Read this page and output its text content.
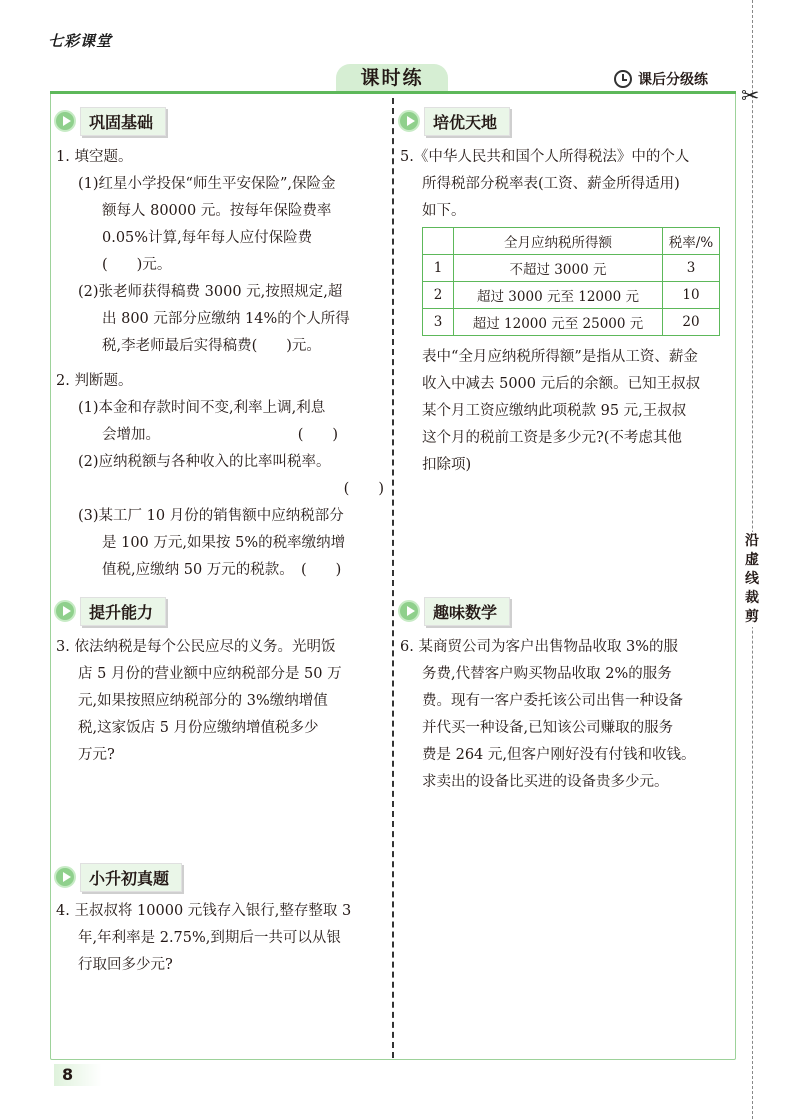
七彩课堂
课时练	课后分级练
✂
沿虚线裁剪
巩固基础

1. 填空题。

(1)红星小学投保“师生平安保险”,保险金

额每人 80000 元。按每年保险费率

0.05%计算,每年每人应付保险费

(　　)元。

(2)张老师获得稿费 3000 元,按照规定,超

出 800 元部分应缴纳 14%的个人所得

税,李老师最后实得稿费(　　)元。

2. 判断题。

(1)本金和存款时间不变,利率上调,利息

会增加。　　　　　　　　　　(　　)

(2)应纳税额与各种收入的比率叫税率。

(　　)

(3)某工厂 10 月份的销售额中应纳税部分

是 100 万元,如果按 5%的税率缴纳增

值税,应缴纳 50 万元的税款。　(　　)

提升能力

3. 依法纳税是每个公民应尽的义务。光明饭

店 5 月份的营业额中应纳税部分是 50 万

元,如果按照应纳税部分的 3%缴纳增值

税,这家饭店 5 月份应缴纳增值税多少

万元?

小升初真题

4. 王叔叔将 10000 元钱存入银行,整存整取 3

年,年利率是 2.75%,到期后一共可以从银

行取回多少元?

培优天地

5.《中华人民共和国个人所得税法》中的个人

所得税部分税率表(工资、薪金所得适用)

如下。

	全月应纳税所得额	税率/%
1	不超过 3000 元	3
2	超过 3000 元至 12000 元	10
3	超过 12000 元至 25000 元	20

表中“全月应纳税所得额”是指从工资、薪金

收入中减去 5000 元后的余额。已知王叔叔

某个月工资应缴纳此项税款 95 元,王叔叔

这个月的税前工资是多少元?(不考虑其他

扣除项)

趣味数学

6. 某商贸公司为客户出售物品收取 3%的服

务费,代替客户购买物品收取 2%的服务

费。现有一客户委托该公司出售一种设备

并代买一种设备,已知该公司赚取的服务

费是 264 元,但客户刚好没有付钱和收钱。

求卖出的设备比买进的设备贵多少元。

8
